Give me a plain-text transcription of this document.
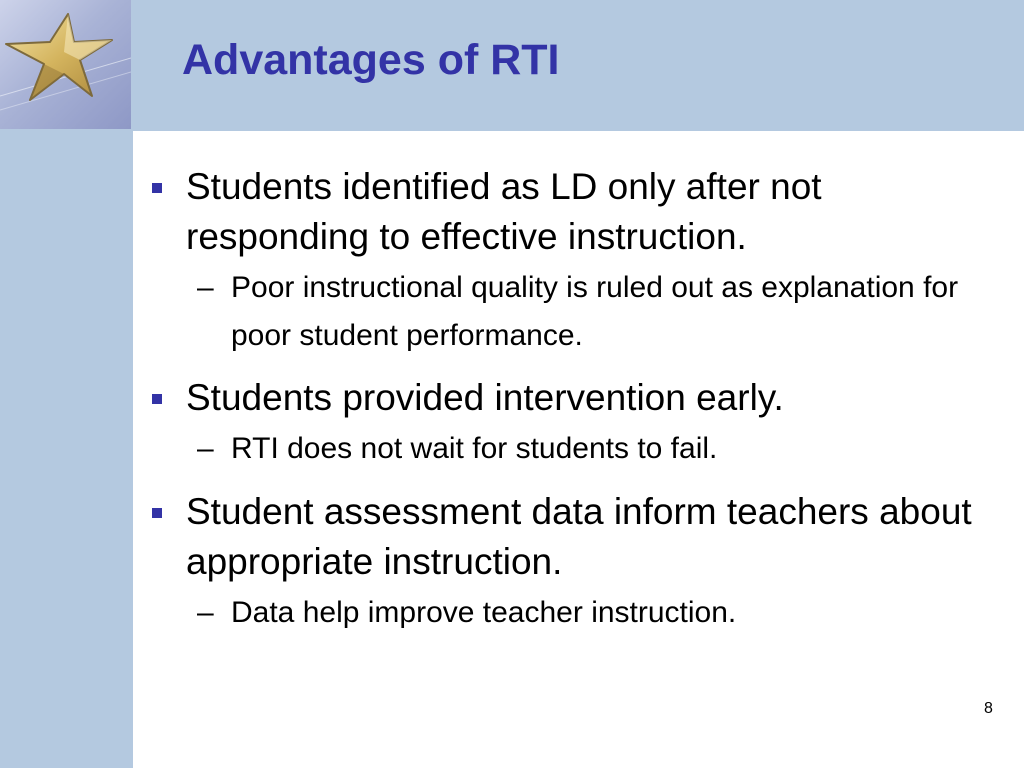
Advantages of RTI
Students identified as LD only after not responding to effective instruction.
– Poor instructional quality is ruled out as explanation for poor student performance.
Students provided intervention early.
– RTI does not wait for students to fail.
Student assessment data inform teachers about appropriate instruction.
– Data help improve teacher instruction.
8
